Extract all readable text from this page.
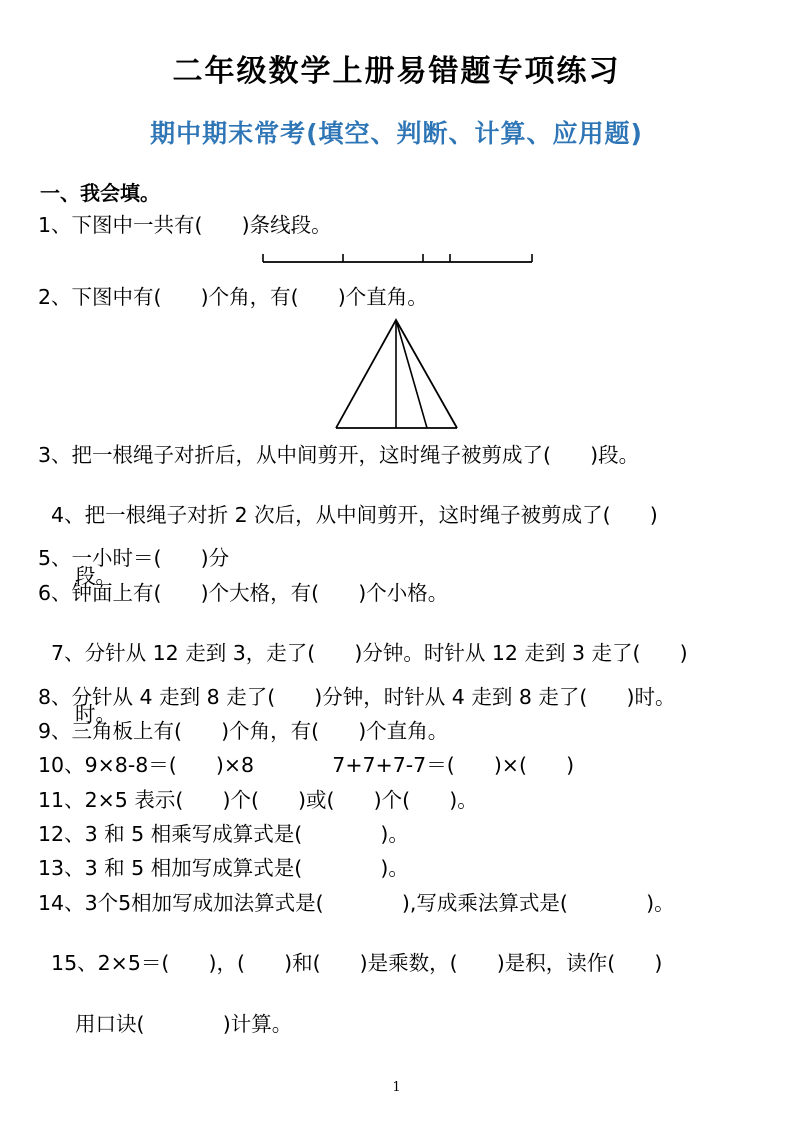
二年级数学上册易错题专项练习
期中期末常考(填空、判断、计算、应用题)
一、我会填。
1、下图中一共有(      )条线段。
2、下图中有(      )个角，有(      )个直角。
3、把一根绳子对折后，从中间剪开，这时绳子被剪成了(      )段。

4、把一根绳子对折 2 次后，从中间剪开，这时绳子被剪成了(      )

段。

5、一小时＝(      )分
6、钟面上有(      )个大格，有(      )个小格。

7、分针从 12 走到 3，走了(      )分钟。时针从 12 走到 3 走了(      )

时。

8、分针从 4 走到 8 走了(      )分钟，时针从 4 走到 8 走了(      )时。
9、三角板上有(      )个角，有(      )个直角。
10、9×8-8＝(      )×8            7+7+7-7＝(      )×(      )
11、2×5 表示(      )个(      )或(      )个(      )。
12、3 和 5 相乘写成算式是(            )。
13、3 和 5 相加写成算式是(            )。
14、3个5相加写成加法算式是(            ),写成乘法算式是(            )。

15、2×5＝(      )，(      )和(      )是乘数，(      )是积，读作(      )

用口诀(            )计算。

1
